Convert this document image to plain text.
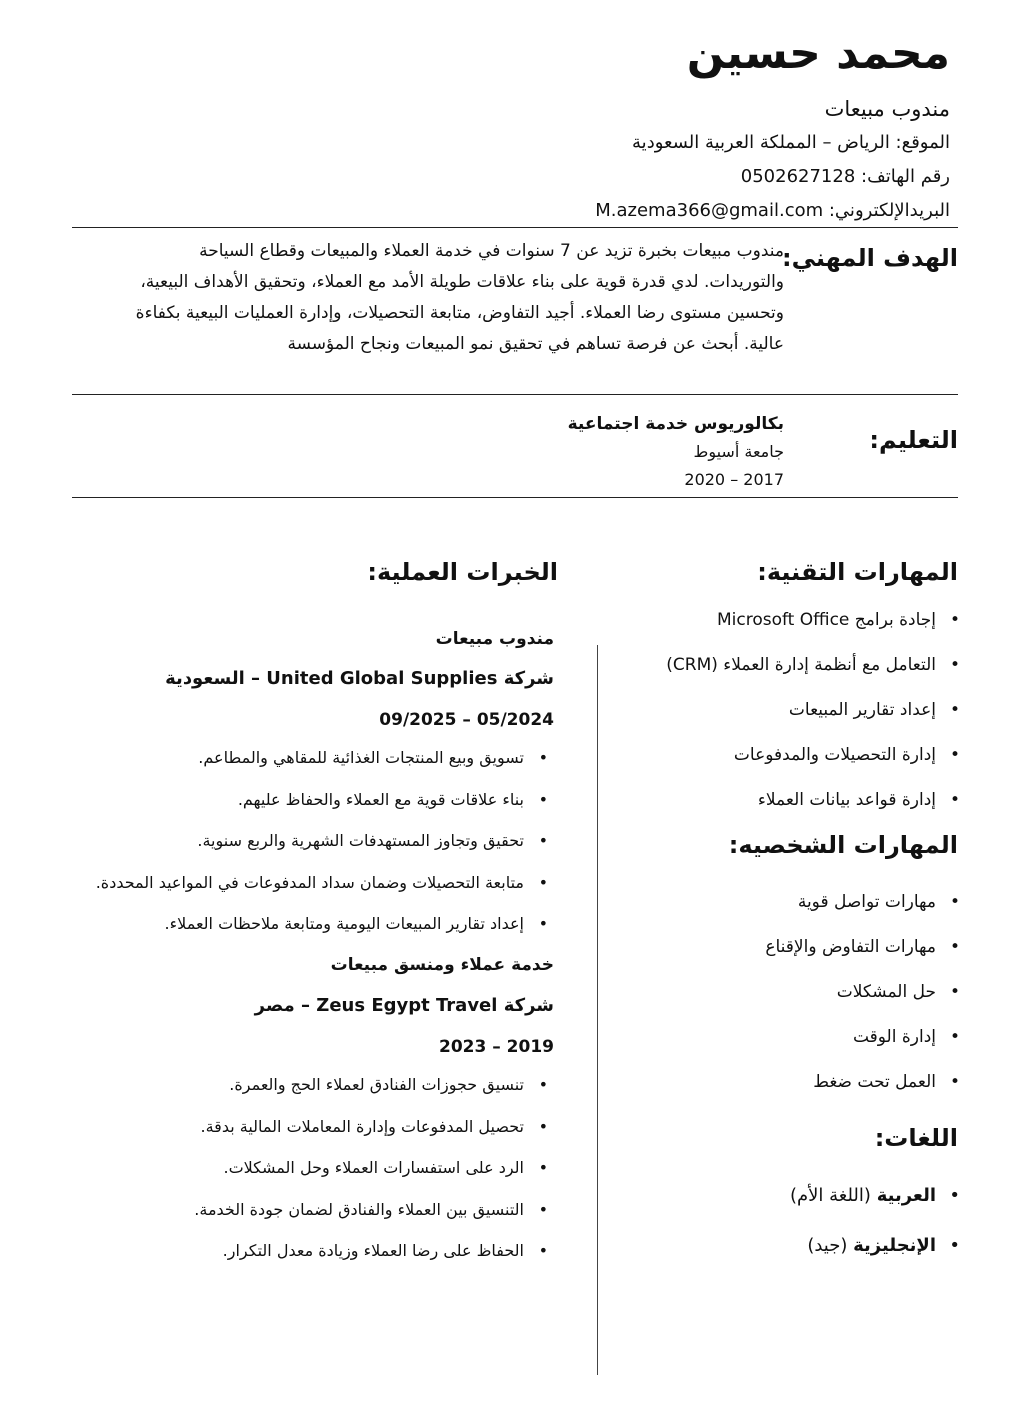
محمد حسين
مندوب مبيعات
الموقع: الرياض – المملكة العربية السعودية
رقم الهاتف: 0502627128
البريدالإلكتروني: M.azema366@gmail.com
الهدف المهني:
مندوب مبيعات بخبرة تزيد عن 7 سنوات في خدمة العملاء والمبيعات وقطاع السياحة والتوريدات. لدي قدرة قوية على بناء علاقات طويلة الأمد مع العملاء، وتحقيق الأهداف البيعية، وتحسين مستوى رضا العملاء. أجيد التفاوض، متابعة التحصيلات، وإدارة العمليات البيعية بكفاءة عالية. أبحث عن فرصة تساهم في تحقيق نمو المبيعات ونجاح المؤسسة
التعليم:
بكالوريوس خدمة اجتماعية
جامعة أسيوط
2017 – 2020
المهارات التقنية:
• إجادة برامج Microsoft Office
• التعامل مع أنظمة إدارة العملاء (CRM)
• إعداد تقارير المبيعات
• إدارة التحصيلات والمدفوعات
• إدارة قواعد بيانات العملاء
المهارات الشخصيه:
• مهارات تواصل قوية
• مهارات التفاوض والإقناع
• حل المشكلات
• إدارة الوقت
• العمل تحت ضغط
اللغات:
• العربية (اللغة الأم)
• الإنجليزية (جيد)
الخبرات العملية:
مندوب مبيعات
شركة United Global Supplies – السعودية
05/2024 – 09/2025
• تسويق وبيع المنتجات الغذائية للمقاهي والمطاعم.
• بناء علاقات قوية مع العملاء والحفاظ عليهم.
• تحقيق وتجاوز المستهدفات الشهرية والربع سنوية.
• متابعة التحصيلات وضمان سداد المدفوعات في المواعيد المحددة.
• إعداد تقارير المبيعات اليومية ومتابعة ملاحظات العملاء.
خدمة عملاء ومنسق مبيعات
شركة Zeus Egypt Travel – مصر
2019 – 2023
• تنسيق حجوزات الفنادق لعملاء الحج والعمرة.
• تحصيل المدفوعات وإدارة المعاملات المالية بدقة.
• الرد على استفسارات العملاء وحل المشكلات.
• التنسيق بين العملاء والفنادق لضمان جودة الخدمة.
• الحفاظ على رضا العملاء وزيادة معدل التكرار.
